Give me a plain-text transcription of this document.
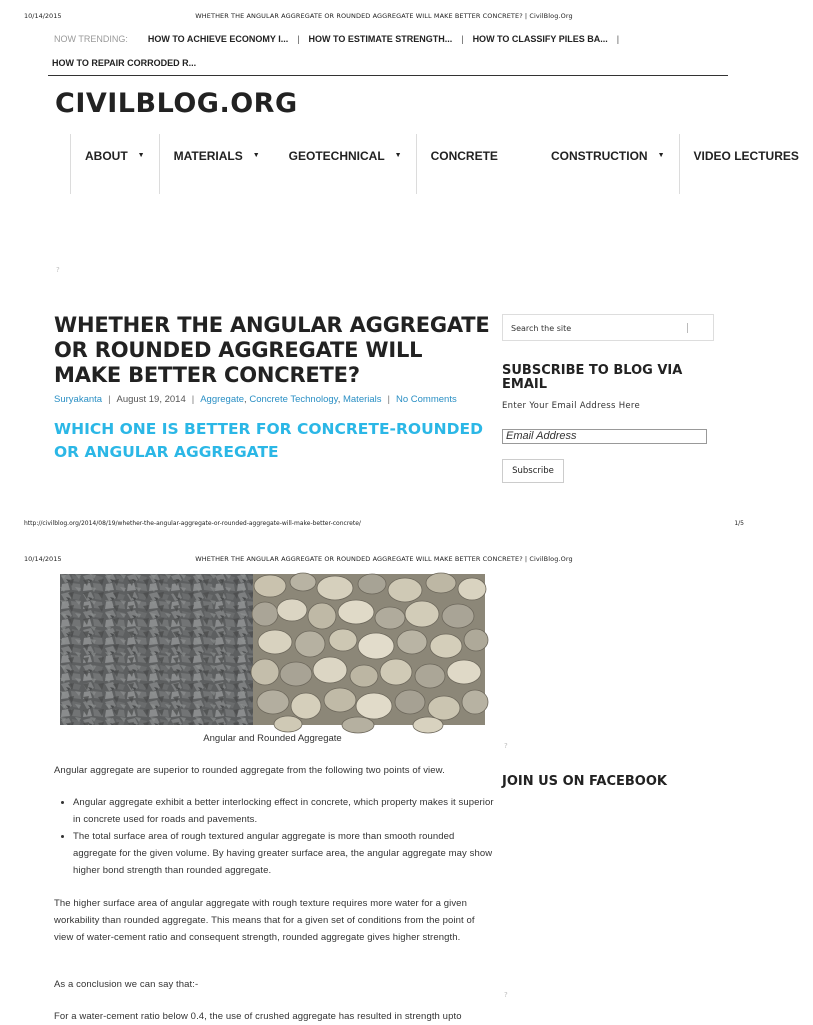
10/14/2015	WHETHER THE ANGULAR AGGREGATE OR ROUNDED AGGREGATE WILL MAKE BETTER CONCRETE? | CivilBlog.Org
NOW TRENDING: HOW TO ACHIEVE ECONOMY I... | HOW TO ESTIMATE STRENGTH... | HOW TO CLASSIFY PILES BA... |
HOW TO REPAIR CORRODED R...
CIVILBLOG.ORG
ABOUT ▼ MATERIALS ▼ GEOTECHNICAL ▼ CONCRETE	CONSTRUCTION ▼ VIDEO LECTURES
?
WHETHER THE ANGULAR AGGREGATE OR ROUNDED AGGREGATE WILL MAKE BETTER CONCRETE?
Suryakanta | August 19, 2014 | Aggregate, Concrete Technology, Materials | No Comments
WHICH ONE IS BETTER FOR CONCRETE-ROUNDED OR ANGULAR AGGREGATE
Search the site
SUBSCRIBE TO BLOG VIA EMAIL
Enter Your Email Address Here
Email Address
Subscribe
http://civilblog.org/2014/08/19/whether-the-angular-aggregate-or-rounded-aggregate-will-make-better-concrete/	1/5
10/14/2015	WHETHER THE ANGULAR AGGREGATE OR ROUNDED AGGREGATE WILL MAKE BETTER CONCRETE? | CivilBlog.Org
Angular and Rounded Aggregate
?
JOIN US ON FACEBOOK
?

Angular aggregate are superior to rounded aggregate from the following two points of view.

• Angular aggregate exhibit a better interlocking effect in concrete, which property makes it superior in concrete used for roads and pavements.
• The total surface area of rough textured angular aggregate is more than smooth rounded aggregate for the given volume. By having greater surface area, the angular aggregate may show higher bond strength than rounded aggregate.

The higher surface area of angular aggregate with rough texture requires more water for a given workability than rounded aggregate. This means that for a given set of conditions from the point of view of water-cement ratio and consequent strength, rounded aggregate gives higher strength.

As a conclusion we can say that:-

For a water-cement ratio below 0.4, the use of crushed aggregate has resulted in strength upto
